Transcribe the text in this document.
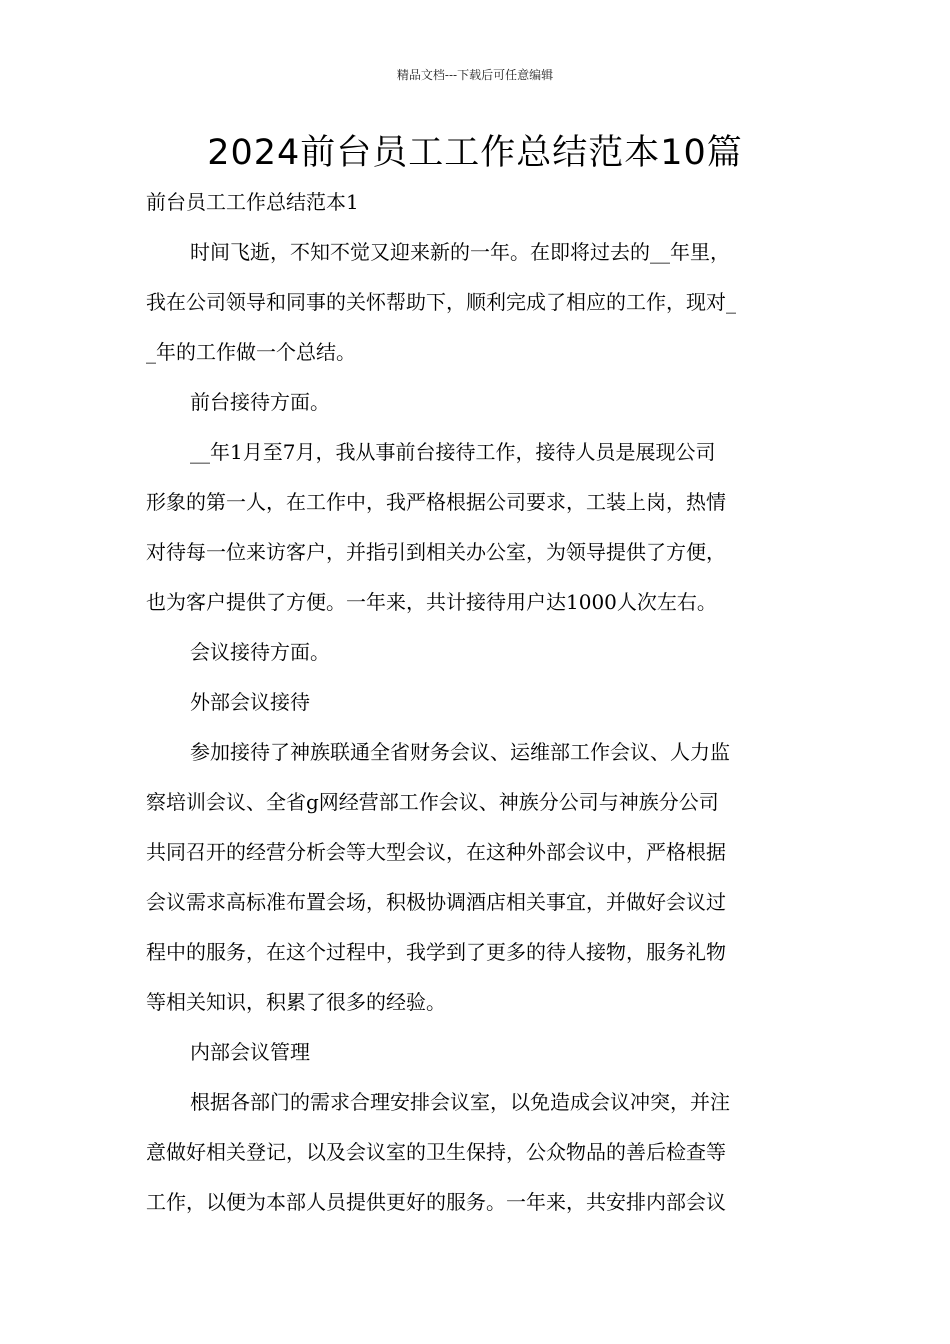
精品文档---下载后可任意编辑
2024前台员工工作总结范本10篇
前台员工工作总结范本1
时间飞逝，不知不觉又迎来新的一年。在即将过去的__年里，
我在公司领导和同事的关怀帮助下，顺利完成了相应的工作，现对_
_年的工作做一个总结。
前台接待方面。
__年1月至7月，我从事前台接待工作，接待人员是展现公司
形象的第一人，在工作中，我严格根据公司要求，工装上岗，热情
对待每一位来访客户，并指引到相关办公室，为领导提供了方便，
也为客户提供了方便。一年来，共计接待用户达1000人次左右。
会议接待方面。
外部会议接待
参加接待了神族联通全省财务会议、运维部工作会议、人力监
察培训会议、全省g网经营部工作会议、神族分公司与神族分公司
共同召开的经营分析会等大型会议，在这种外部会议中，严格根据
会议需求高标准布置会场，积极协调酒店相关事宜，并做好会议过
程中的服务，在这个过程中，我学到了更多的待人接物，服务礼物
等相关知识，积累了很多的经验。
内部会议管理
根据各部门的需求合理安排会议室，以免造成会议冲突，并注
意做好相关登记，以及会议室的卫生保持，公众物品的善后检查等
工作，以便为本部人员提供更好的服务。一年来，共安排内部会议
